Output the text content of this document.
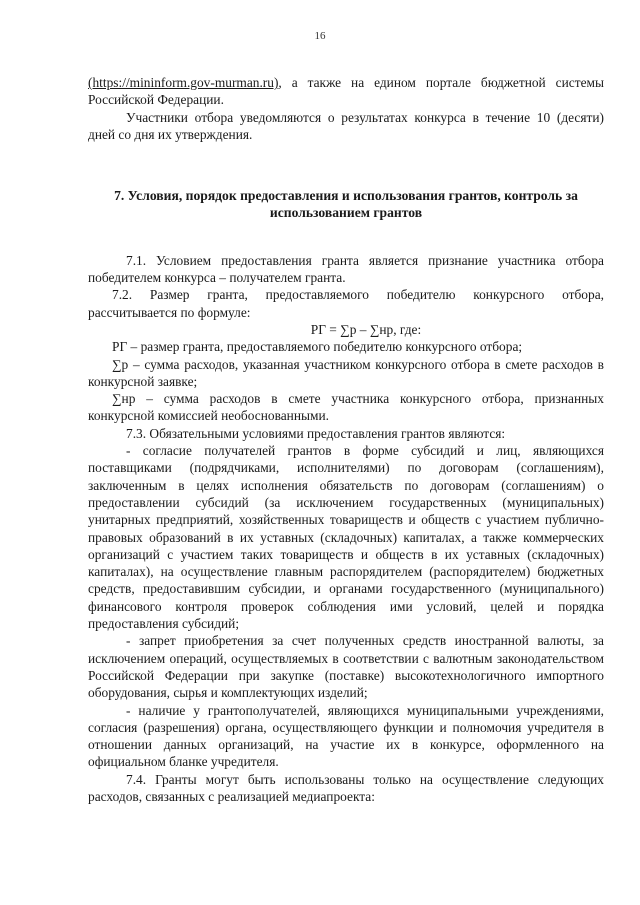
16

(https://mininform.gov-murman.ru), а также на едином портале бюджетной системы Российской Федерации.

Участники отбора уведомляются о результатах конкурса в течение 10 (десяти) дней со дня их утверждения.

7. Условия, порядок предоставления и использования грантов, контроль за использованием грантов

7.1. Условием предоставления гранта является признание участника отбора победителем конкурса – получателем гранта.

7.2. Размер гранта, предоставляемого победителю конкурсного отбора, рассчитывается по формуле:

РГ = ∑р – ∑нр, где:

РГ – размер гранта, предоставляемого победителю конкурсного отбора;

∑р – сумма расходов, указанная участником конкурсного отбора в смете расходов в конкурсной заявке;

∑нр – сумма расходов в смете участника конкурсного отбора, признанных конкурсной комиссией необоснованными.

7.3. Обязательными условиями предоставления грантов являются:

- согласие получателей грантов в форме субсидий и лиц, являющихся поставщиками (подрядчиками, исполнителями) по договорам (соглашениям), заключенным в целях исполнения обязательств по договорам (соглашениям) о предоставлении субсидий (за исключением государственных (муниципальных) унитарных предприятий, хозяйственных товариществ и обществ с участием публично-правовых образований в их уставных (складочных) капиталах, а также коммерческих организаций с участием таких товариществ и обществ в их уставных (складочных) капиталах), на осуществление главным распорядителем (распорядителем) бюджетных средств, предоставившим субсидии, и органами государственного (муниципального) финансового контроля проверок соблюдения ими условий, целей и порядка предоставления субсидий;

- запрет приобретения за счет полученных средств иностранной валюты, за исключением операций, осуществляемых в соответствии с валютным законодательством Российской Федерации при закупке (поставке) высокотехнологичного импортного оборудования, сырья и комплектующих изделий;

- наличие у грантополучателей, являющихся муниципальными учреждениями, согласия (разрешения) органа, осуществляющего функции и полномочия учредителя в отношении данных организаций, на участие их в конкурсе, оформленного на официальном бланке учредителя.

7.4. Гранты могут быть использованы только на осуществление следующих расходов, связанных с реализацией медиапроекта:
